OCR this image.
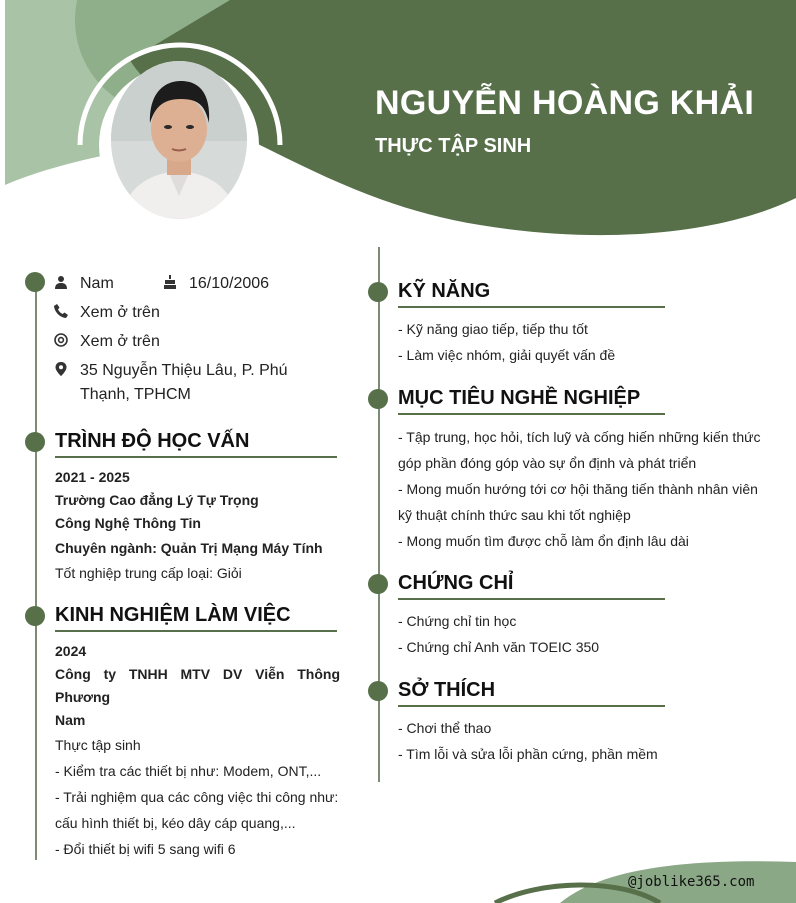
NGUYỄN HOÀNG KHẢI
THỰC TẬP SINH
Nam	16/10/2006
Xem ở trên
Xem ở trên
35 Nguyễn Thiệu Lâu, P. Phú Thạnh, TPHCM
TRÌNH ĐỘ HỌC VẤN
2021 - 2025
Trường Cao đẳng Lý Tự Trọng
Công Nghệ Thông Tin
Chuyên ngành: Quản Trị Mạng Máy Tính
Tốt nghiệp trung cấp loại: Giỏi
KINH NGHIỆM LÀM VIỆC
2024
Công ty TNHH MTV DV Viễn Thông Phương
Nam
Thực tập sinh
- Kiểm tra các thiết bị như: Modem, ONT,...
- Trải nghiệm qua các công việc thi công như:
cấu hình thiết bị, kéo dây cáp quang,...
- Đổi thiết bị wifi 5 sang wifi 6
KỸ NĂNG
- Kỹ năng giao tiếp, tiếp thu tốt
- Làm việc nhóm, giải quyết vấn đề
MỤC TIÊU NGHỀ NGHIỆP
- Tập trung, học hỏi, tích luỹ và cống hiến những kiến thức
góp phần đóng góp vào sự ổn định và phát triển
- Mong muốn hướng tới cơ hội thăng tiến thành nhân viên
kỹ thuật chính thức sau khi tốt nghiệp
- Mong muốn tìm được chỗ làm ổn định lâu dài
CHỨNG CHỈ
- Chứng chỉ tin học
- Chứng chỉ Anh văn TOEIC 350
SỞ THÍCH
- Chơi thể thao
- Tìm lỗi và sửa lỗi phần cứng, phần mềm
@joblike365.com
